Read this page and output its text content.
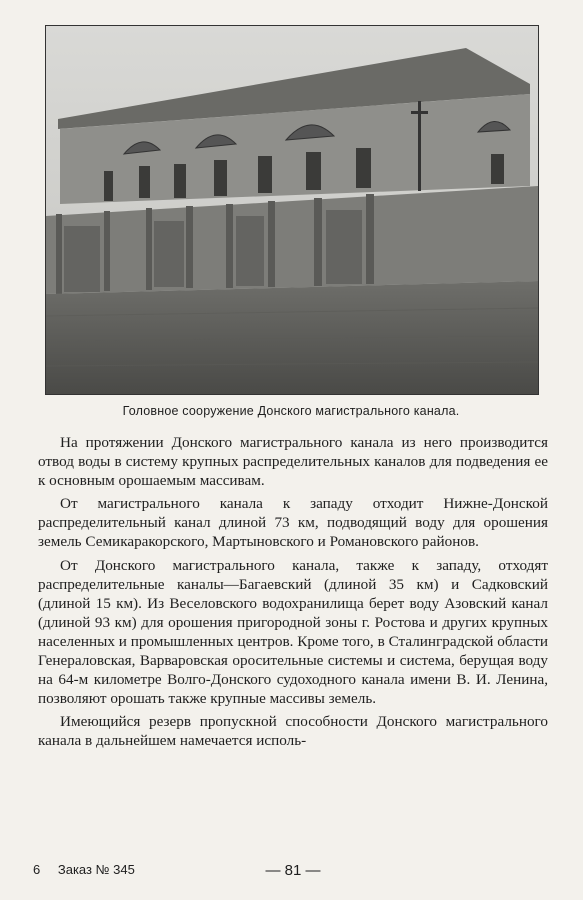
Головное сооружение Донского магистрального канала.

На протяжении Донского магистрального канала из него производится отвод воды в систему крупных распределительных каналов для подведения ее к основным орошаемым массивам.

От магистрального канала к западу отходит Нижне-Донской распределительный канал длиной 73 км, подводящий воду для орошения земель Семикаракорского, Мартыновского и Романовского районов.

От Донского магистрального канала, также к западу, отходят распределительные каналы—Багаевский (длиной 35 км) и Садковский (длиной 15 км). Из Веселовского водохранилища берет воду Азовский канал (длиной 93 км) для орошения пригородной зоны г. Ростова и других крупных населенных и промышленных центров. Кроме того, в Сталинградской области Генераловская, Варваровская оросительные системы и система, берущая воду на 64-м километре Волго-Донского судоходного канала имени В. И. Ленина, позволяют орошать также крупные массивы земель.

Имеющийся резерв пропускной способности Донского магистрального канала в дальнейшем намечается исполь-

6 Заказ № 345	— 81 —
